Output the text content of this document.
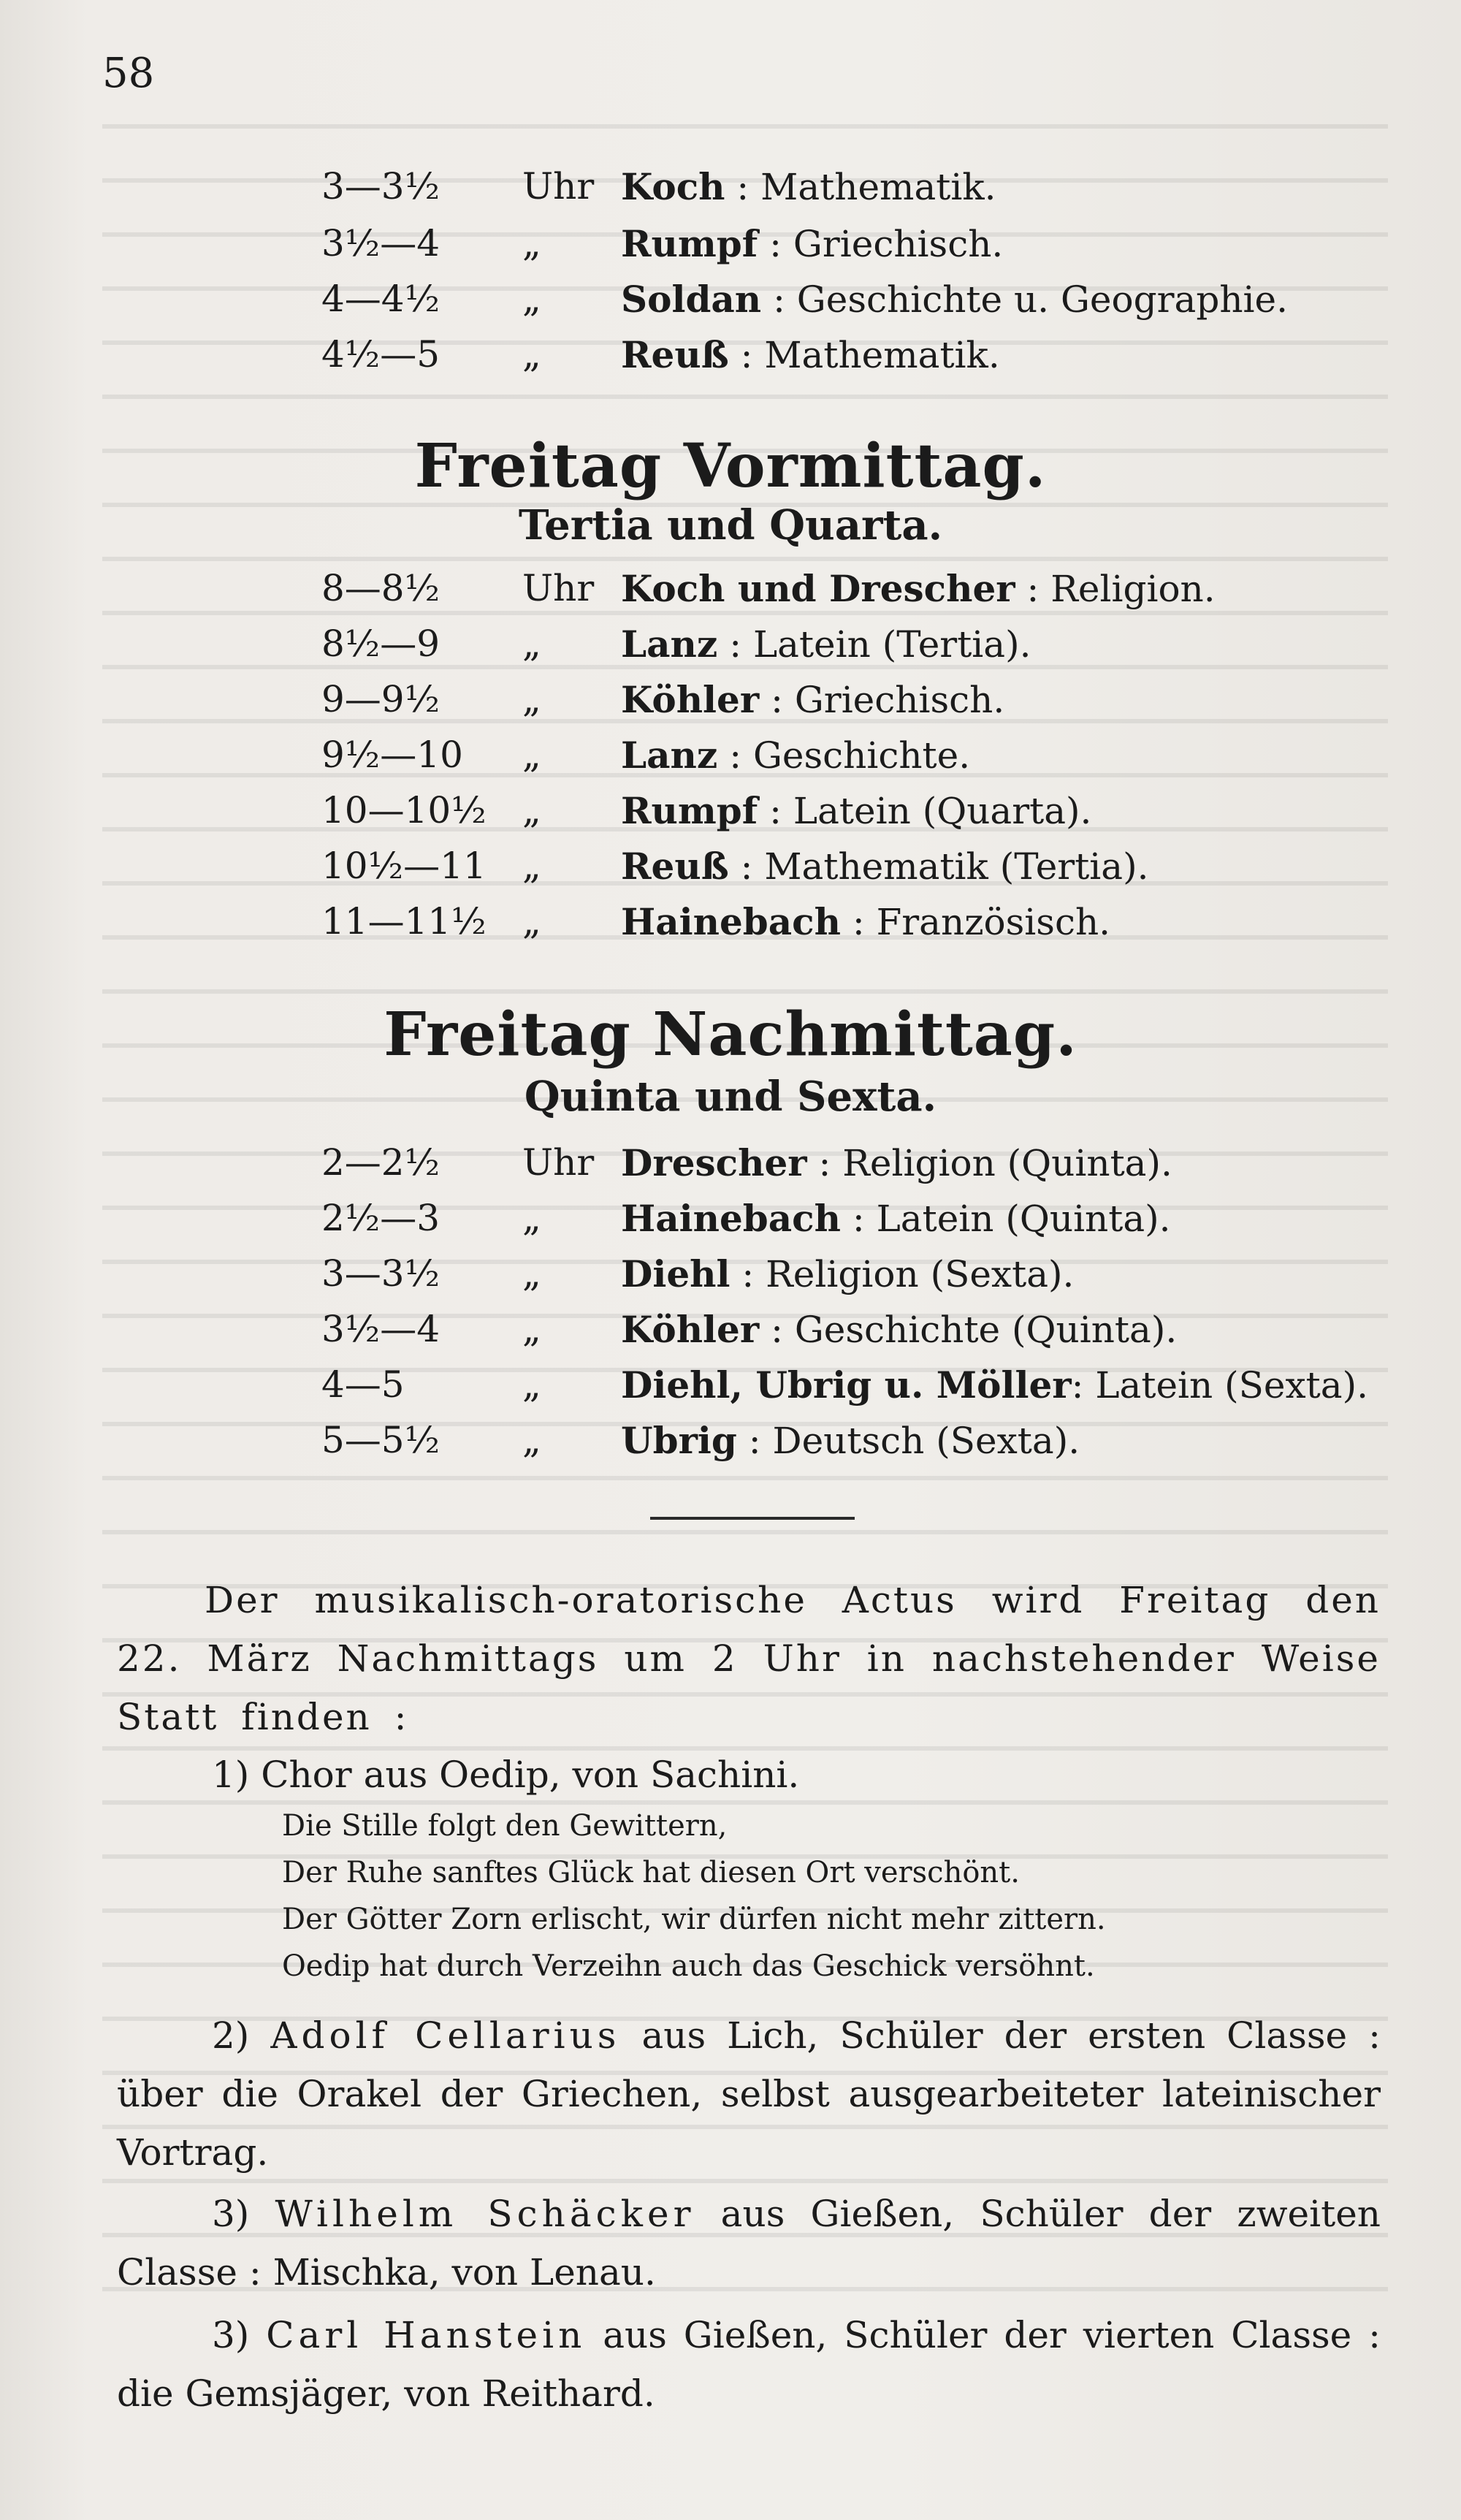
58
3—3½ Uhr Koch : Mathematik.
3½—4 „ Rumpf : Griechisch.
4—4½ „ Soldan : Geschichte u. Geographie.
4½—5 „ Reuß : Mathematik.
Freitag Vormittag.
Tertia und Quarta.
8—8½ Uhr Koch und Drescher : Religion.
8½—9 „ Lanz : Latein (Tertia).
9—9½ „ Köhler : Griechisch.
9½—10 „ Lanz : Geschichte.
10—10½ „ Rumpf : Latein (Quarta).
10½—11 „ Reuß : Mathematik (Tertia).
11—11½ „ Hainebach : Französisch.
Freitag Nachmittag.
Quinta und Sexta.
2—2½ Uhr Drescher : Religion (Quinta).
2½—3 „ Hainebach : Latein (Quinta).
3—3½ „ Diehl : Religion (Sexta).
3½—4 „ Köhler : Geschichte (Quinta).
4—5	„ Diehl, Ubrig u. Möller: Latein (Sexta).
5—5½ „ Ubrig : Deutsch (Sexta).
Der musikalisch-oratorische Actus wird Freitag den 22. März Nachmittags um 2 Uhr in nachstehender Weise Statt finden :
1) Chor aus Oedip, von Sachini.
Die Stille folgt den Gewittern,
Der Ruhe sanftes Glück hat diesen Ort verschönt.
Der Götter Zorn erlischt, wir dürfen nicht mehr zittern.
Oedip hat durch Verzeihn auch das Geschick versöhnt.
2) Adolf Cellarius aus Lich, Schüler der ersten Classe : über die Orakel der Griechen, selbst ausgearbeiteter lateinischer Vortrag.
3) Wilhelm Schäcker aus Gießen, Schüler der zweiten Classe : Mischka, von Lenau.
3) Carl Hanstein aus Gießen, Schüler der vierten Classe : die Gemsjäger, von Reithard.
